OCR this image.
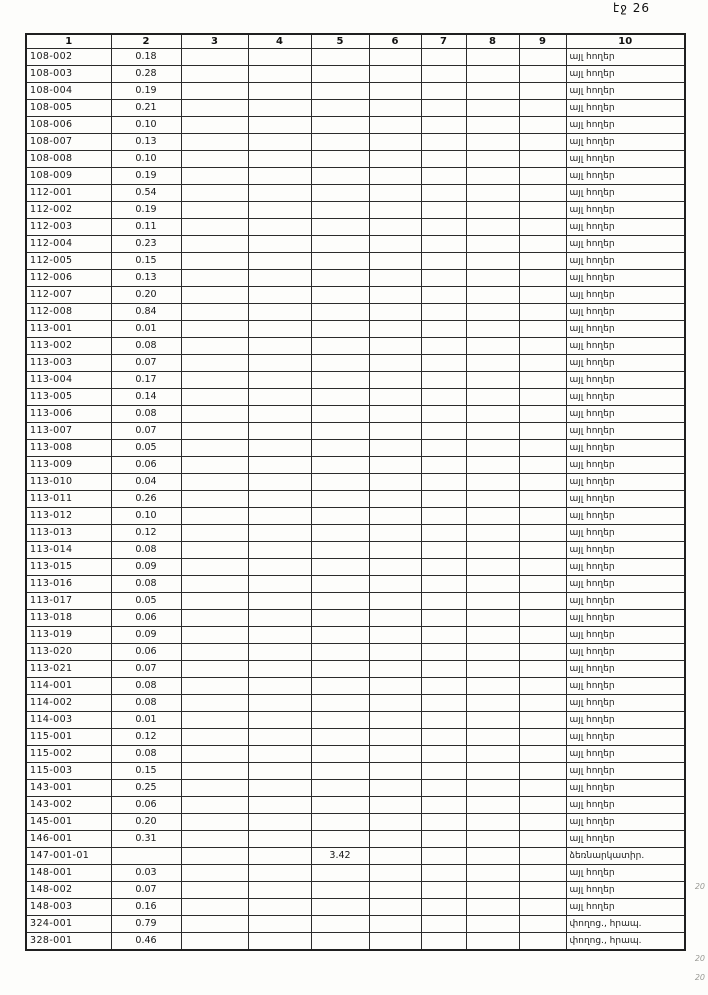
էջ 26
1	2	3	4	5	6	7	8	9	10
108-002	0.18								այլ հողեր
108-003	0.28								այլ հողեր
108-004	0.19								այլ հողեր
108-005	0.21								այլ հողեր
108-006	0.10								այլ հողեր
108-007	0.13								այլ հողեր
108-008	0.10								այլ հողեր
108-009	0.19								այլ հողեր
112-001	0.54								այլ հողեր
112-002	0.19								այլ հողեր
112-003	0.11								այլ հողեր
112-004	0.23								այլ հողեր
112-005	0.15								այլ հողեր
112-006	0.13								այլ հողեր
112-007	0.20								այլ հողեր
112-008	0.84								այլ հողեր
113-001	0.01								այլ հողեր
113-002	0.08								այլ հողեր
113-003	0.07								այլ հողեր
113-004	0.17								այլ հողեր
113-005	0.14								այլ հողեր
113-006	0.08								այլ հողեր
113-007	0.07								այլ հողեր
113-008	0.05								այլ հողեր
113-009	0.06								այլ հողեր
113-010	0.04								այլ հողեր
113-011	0.26								այլ հողեր
113-012	0.10								այլ հողեր
113-013	0.12								այլ հողեր
113-014	0.08								այլ հողեր
113-015	0.09								այլ հողեր
113-016	0.08								այլ հողեր
113-017	0.05								այլ հողեր
113-018	0.06								այլ հողեր
113-019	0.09								այլ հողեր
113-020	0.06								այլ հողեր
113-021	0.07								այլ հողեր
114-001	0.08								այլ հողեր
114-002	0.08								այլ հողեր
114-003	0.01								այլ հողեր
115-001	0.12								այլ հողեր
115-002	0.08								այլ հողեր
115-003	0.15								այլ հողեր
143-001	0.25								այլ հողեր
143-002	0.06								այլ հողեր
145-001	0.20								այլ հողեր
146-001	0.31								այլ հողեր
147-001-01				3.42					ձեռնարկատիր.
148-001	0.03								այլ հողեր
148-002	0.07								այլ հողեր
148-003	0.16								այլ հողեր
324-001	0.79								փողոց., հրապ.
328-001	0.46								փողոց., հրապ.
20
20
20
